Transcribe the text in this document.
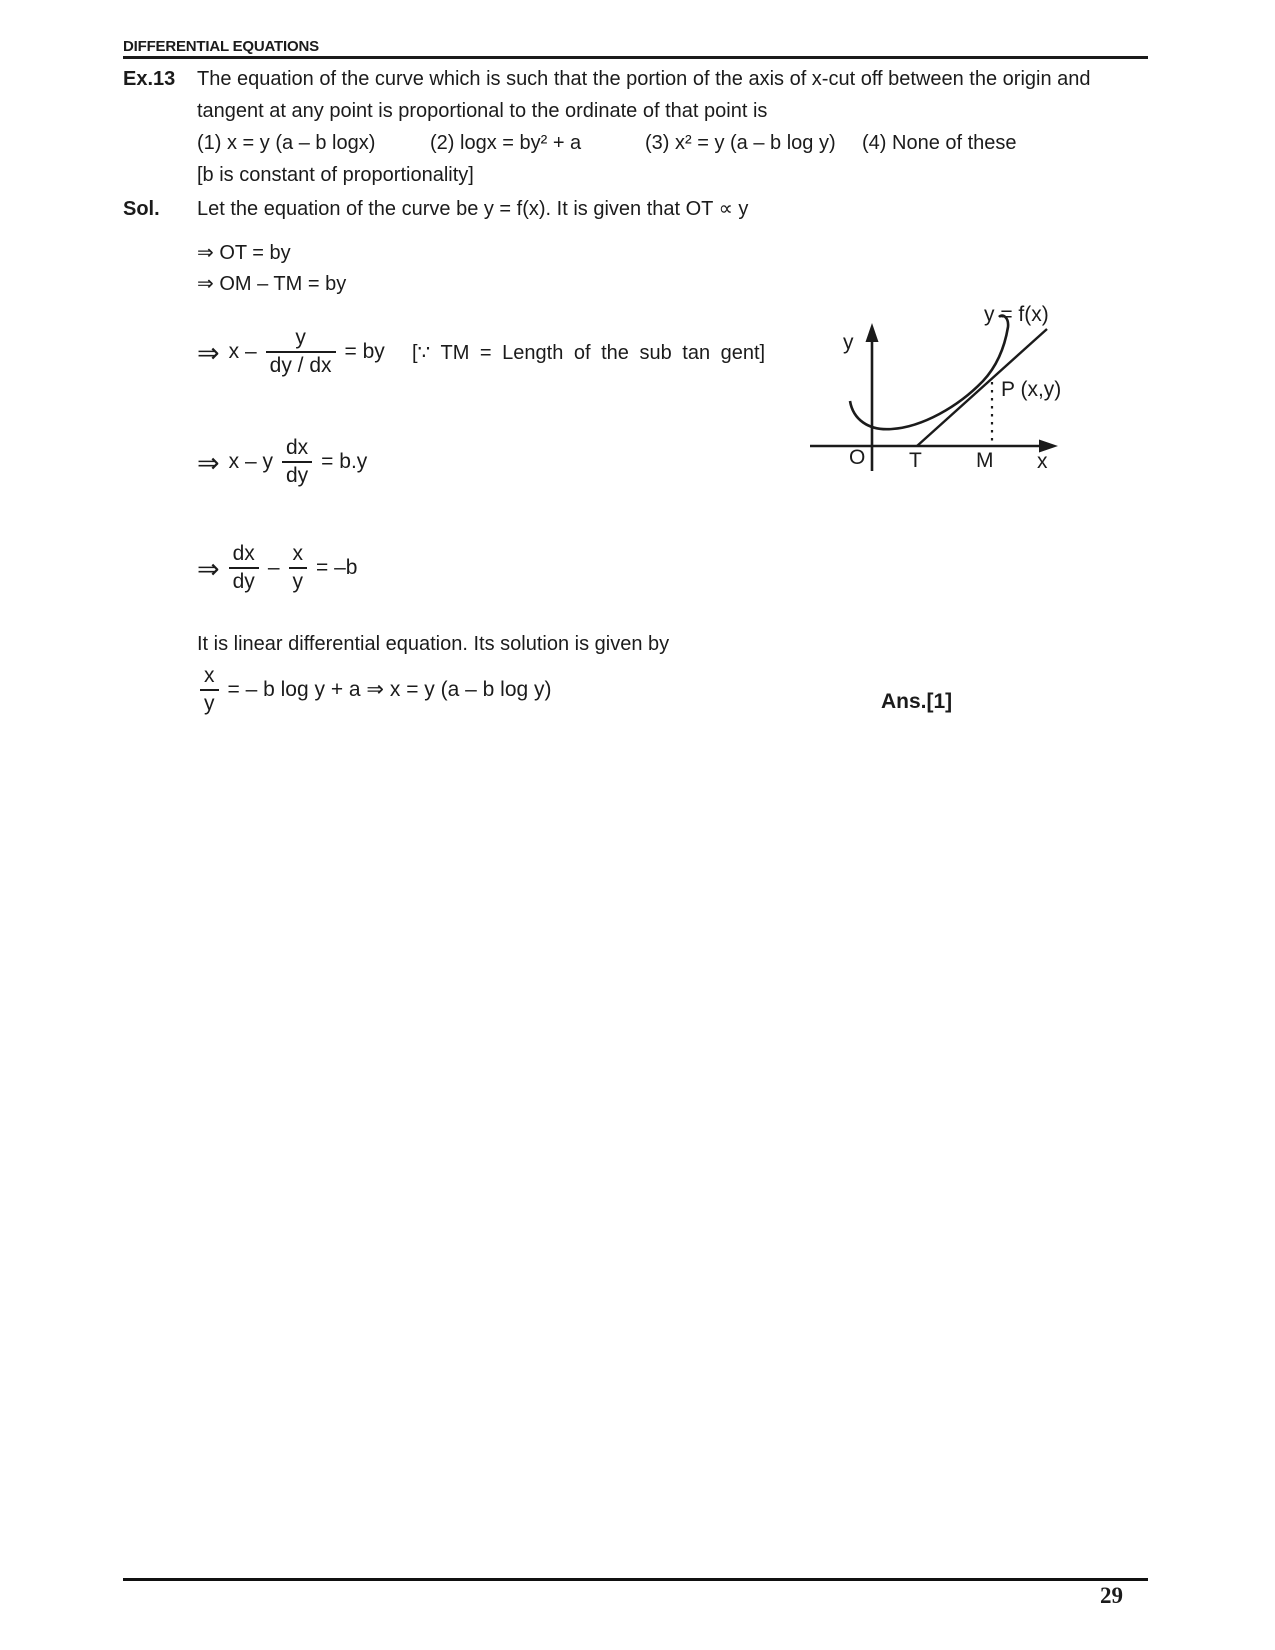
DIFFERENTIAL EQUATIONS
Ex.13 The equation of the curve which is such that the portion of the axis of x-cut off between the origin and
tangent at any point is proportional to the ordinate of that point is
(1) x = y (a – b logx)	(2) logx = by² + a	(3) x² = y (a – b log y) (4) None of these
[b is constant of proportionality]
Sol. Let the equation of the curve be y = f(x). It is given that OT ∝ y
⇒ OT = by
⇒ OM – TM = by
⇒ x – $\frac{y}{dy / dx}$ = by [∵ TM = Length of the sub tan gent]
⇒ x – y $\frac{dx}{dy} = b.y$
⇒ $\frac{dx}{dy} - \frac{x}{y} = -b$
It is linear differential equation. Its solution is given by
$\frac{x}{y}$ = – b log y + a ⇒ x = y (a – b log y)
Ans.[1]
y = f(x)
P (x,y)
y
x
O T	M
29
